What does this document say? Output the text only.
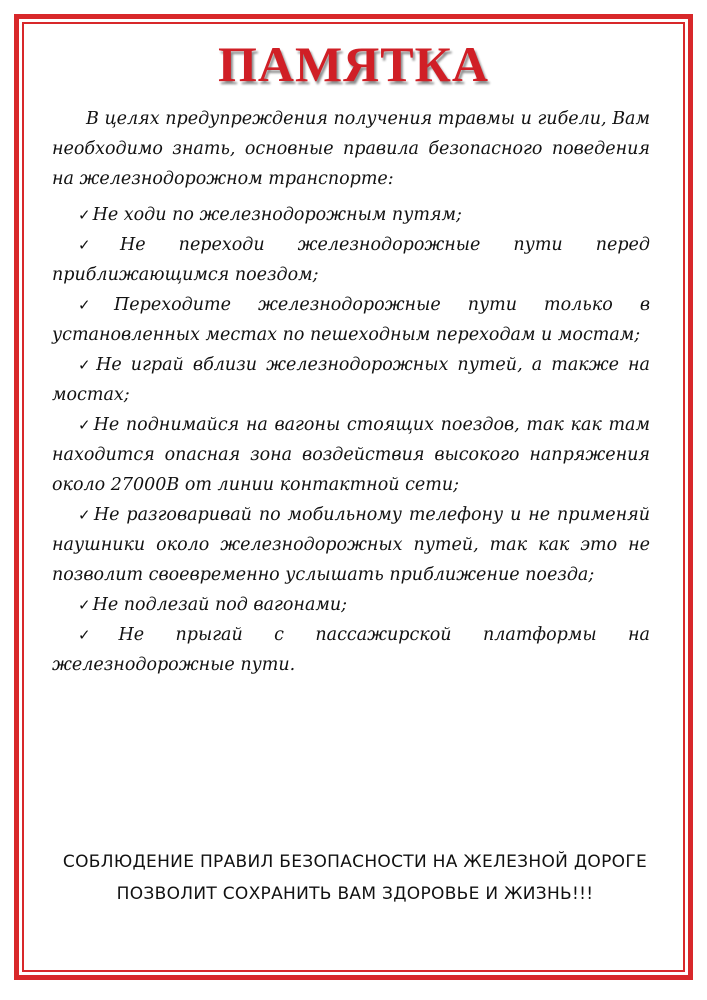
ПАМЯТКА

В целях предупреждения получения травмы и гибели, Вам необходимо знать, основные правила безопасного поведения на железнодорожном транспорте:

✓ Не ходи по железнодорожным путям;

✓ Не переходи железнодорожные пути перед приближающимся поездом;

✓ Переходите железнодорожные пути только в установленных местах по пешеходным переходам и мостам;

✓ Не играй вблизи железнодорожных путей, а также на мостах;

✓ Не поднимайся на вагоны стоящих поездов, так как там находится опасная зона воздействия высокого напряжения около 27000В от линии контактной сети;

✓ Не разговаривай по мобильному телефону и не применяй наушники около железнодорожных путей, так как это не позволит своевременно услышать приближение поезда;

✓ Не подлезай под вагонами;

✓ Не прыгай с пассажирской платформы на железнодорожные пути.

СОБЛЮДЕНИЕ ПРАВИЛ БЕЗОПАСНОСТИ НА ЖЕЛЕЗНОЙ ДОРОГЕ ПОЗВОЛИТ СОХРАНИТЬ ВАМ ЗДОРОВЬЕ И ЖИЗНЬ!!!
